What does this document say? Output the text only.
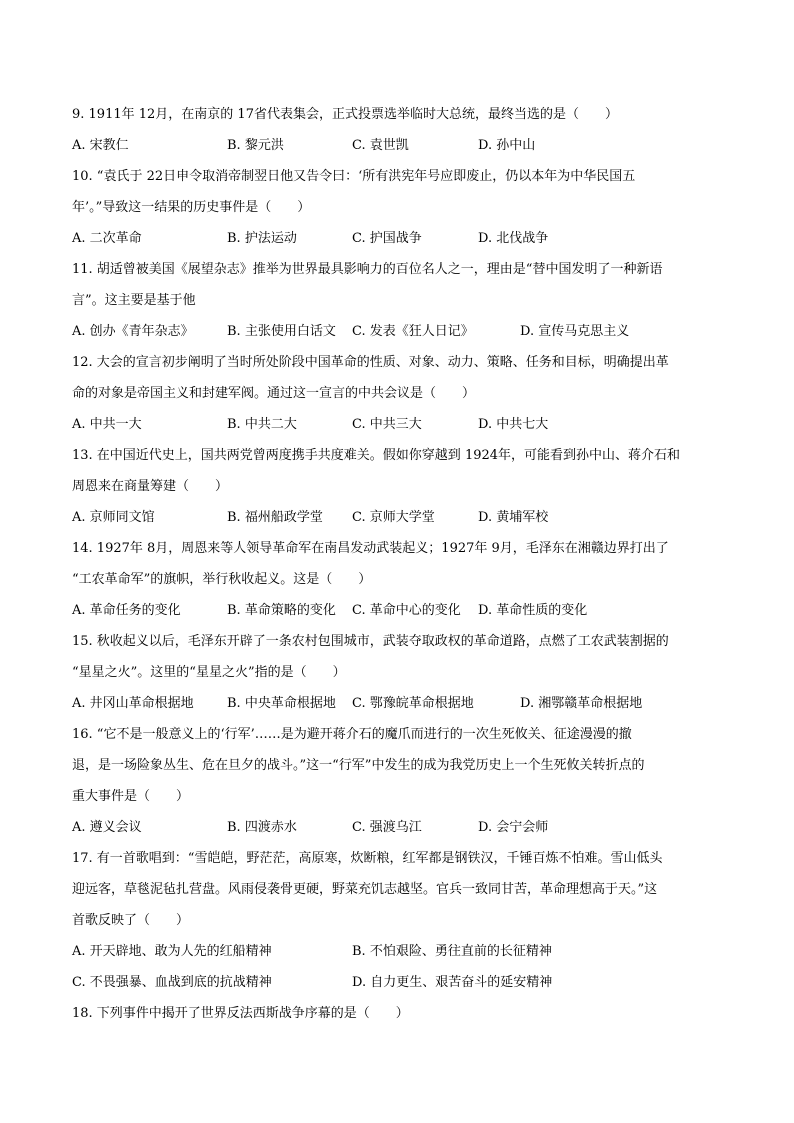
9. 1911年 12月，在南京的 17省代表集会，正式投票选举临时大总统，最终当选的是（　　）
A. 宋教仁	B. 黎元洪	C. 袁世凯	D. 孙中山
10. “袁氏于 22日申令取消帝制翌日他又告令曰：‘所有洪宪年号应即废止，仍以本年为中华民国五
年’。”导致这一结果的历史事件是（　　）
A. 二次革命	B. 护法运动	C. 护国战争	D. 北伐战争
11. 胡适曾被美国《展望杂志》推举为世界最具影响力的百位名人之一，理由是“替中国发明了一种新语
言”。这主要是基于他
A. 创办《青年杂志》	B. 主张使用白话文 C. 发表《狂人日记》	D. 宣传马克思主义
12. 大会的宣言初步阐明了当时所处阶段中国革命的性质、对象、动力、策略、任务和目标，明确提出革
命的对象是帝国主义和封建军阀。通过这一宣言的中共会议是（　　）
A. 中共一大	B. 中共二大	C. 中共三大	D. 中共七大
13. 在中国近代史上，国共两党曾两度携手共度难关。假如你穿越到 1924年，可能看到孙中山、蒋介石和
周恩来在商量筹建（　　）
A. 京师同文馆	B. 福州船政学堂 C. 京师大学堂	D. 黄埔军校
14. 1927年 8月，周恩来等人领导革命军在南昌发动武装起义；1927年 9月，毛泽东在湘赣边界打出了
“工农革命军”的旗帜，举行秋收起义。这是（　　）
A. 革命任务的变化	B. 革命策略的变化 C. 革命中心的变化 D. 革命性质的变化
15. 秋收起义以后，毛泽东开辟了一条农村包围城市，武装夺取政权的革命道路，点燃了工农武装割据的
“星星之火”。这里的“星星之火”指的是（　　）
A. 井冈山革命根据地	B. 中央革命根据地 C. 鄂豫皖革命根据地	D. 湘鄂赣革命根据地
16. “它不是一般意义上的‘行军’……是为避开蒋介石的魔爪而进行的一次生死攸关、征途漫漫的撤
退，是一场险象丛生、危在旦夕的战斗。”这一“行军”中发生的成为我党历史上一个生死攸关转折点的
重大事件是（　　）
A. 遵义会议	B. 四渡赤水	C. 强渡乌江	D. 会宁会师
17. 有一首歌唱到：“雪皑皑，野茫茫，高原寒，炊断粮，红军都是钢铁汉，千锤百炼不怕难。雪山低头
迎远客，草毯泥毡扎营盘。风雨侵袭骨更硬，野菜充饥志越坚。官兵一致同甘苦，革命理想高于天。”这
首歌反映了（　　）
A. 开天辟地、敢为人先的红船精神	B. 不怕艰险、勇往直前的长征精神
C. 不畏强暴、血战到底的抗战精神	D. 自力更生、艰苦奋斗的延安精神
18. 下列事件中揭开了世界反法西斯战争序幕的是（　　）
